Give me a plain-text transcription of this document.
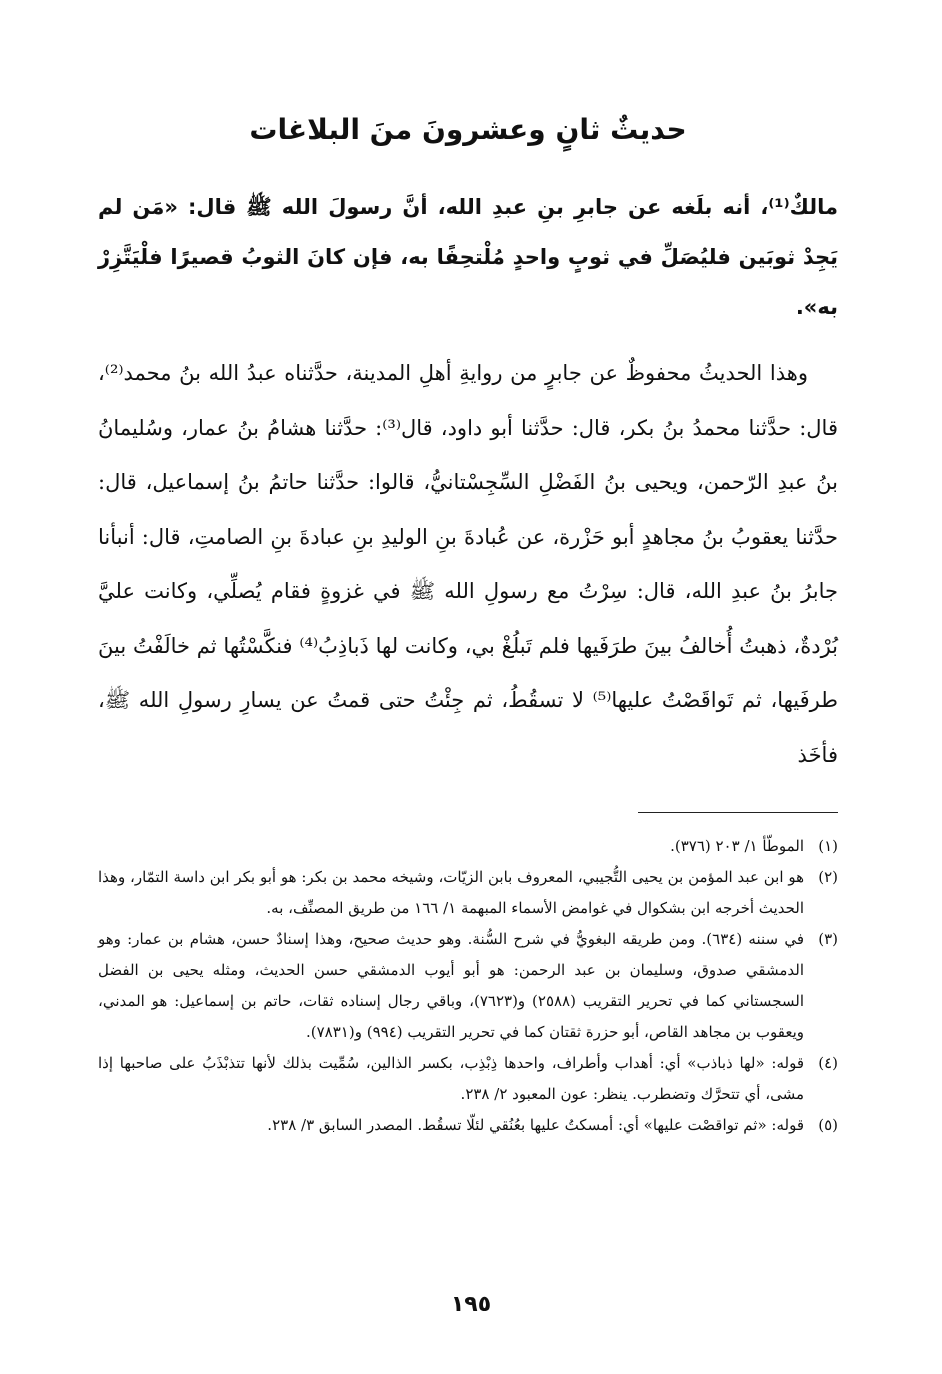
حديثٌ ثانٍ وعشرونَ منَ البلاغات

مالكٌ⁽¹⁾، أنه بلَغه عن جابرِ بنِ عبدِ الله، أنَّ رسولَ الله ﷺ قال: «مَن لم يَجِدْ ثوبَين فليُصَلِّ في ثوبٍ واحدٍ مُلْتحِفًا به، فإن كانَ الثوبُ قصيرًا فلْيَتَّزِرْ به».

وهذا الحديثُ محفوظٌ عن جابرٍ من روايةِ أهلِ المدينة، حدَّثناه عبدُ الله بنُ محمد⁽²⁾، قال: حدَّثنا محمدُ بنُ بكر، قال: حدَّثنا أبو داود، قال⁽³⁾: حدَّثنا هشامُ بنُ عمار، وسُليمانُ بنُ عبدِ الرّحمن، ويحيى بنُ الفَضْلِ السِّجِسْتانيُّ، قالوا: حدَّثنا حاتمُ بنُ إسماعيل، قال: حدَّثنا يعقوبُ بنُ مجاهدٍ أبو حَزْرة، عن عُبادةَ بنِ الوليدِ بنِ عبادةَ بنِ الصامتِ، قال: أنبأنا جابرُ بنُ عبدِ الله، قال: سِرْتُ مع رسولِ الله ﷺ في غزوةٍ فقام يُصلِّي، وكانت عليَّ بُرْدةٌ، ذهبتُ أُخالفُ بينَ طرَفَيها فلم تَبلُغْ بي، وكانت لها ذَباذِبُ⁽⁴⁾ فنكَّسْتُها ثم خالَفْتُ بينَ طرفَيها، ثم تَواقَصْتُ عليها⁽⁵⁾ لا تسقُطُ، ثم جِئْتُ حتى قمتُ عن يسارِ رسولِ الله ﷺ، فأخَذ

(١)
الموطّأ ١/ ٢٠٣ (٣٧٦).
(٢)
هو ابن عبد المؤمن بن يحيى التُّجيبي، المعروف بابن الزيّات، وشيخه محمد بن بكر: هو أبو بكر ابن داسة التمّار، وهذا الحديث أخرجه ابن بشكوال في غوامض الأسماء المبهمة ١/ ١٦٦ من طريق المصنِّف، به.
(٣)
في سننه (٦٣٤). ومن طريقه البغويُّ في شرح السُّنة. وهو حديث صحيح، وهذا إسنادٌ حسن، هشام بن عمار: وهو الدمشقي صدوق، وسليمان بن عبد الرحمن: هو أبو أيوب الدمشقي حسن الحديث، ومثله يحيى بن الفضل السجستاني كما في تحرير التقريب (٢٥٨٨) و(٧٦٢٣)، وباقي رجال إسناده ثقات، حاتم بن إسماعيل: هو المدني، ويعقوب بن مجاهد القاص، أبو حزرة ثقتان كما في تحرير التقريب (٩٩٤) و(٧٨٣١).
(٤)
قوله: «لها ذباذب» أي: أهداب وأطراف، واحدها ذِبْذِب، بكسر الذالين، سُمِّيت بذلك لأنها تتذبْذَبُ على صاحبها إذا مشى، أي تتحرَّك وتضطرب. ينظر: عون المعبود ٢/ ٢٣٨.
(٥)
قوله: «ثم تواقصْت عليها» أي: أمسكتُ عليها بعُنُقي لئلّا تسقُط. المصدر السابق ٣/ ٢٣٨.
١٩٥
